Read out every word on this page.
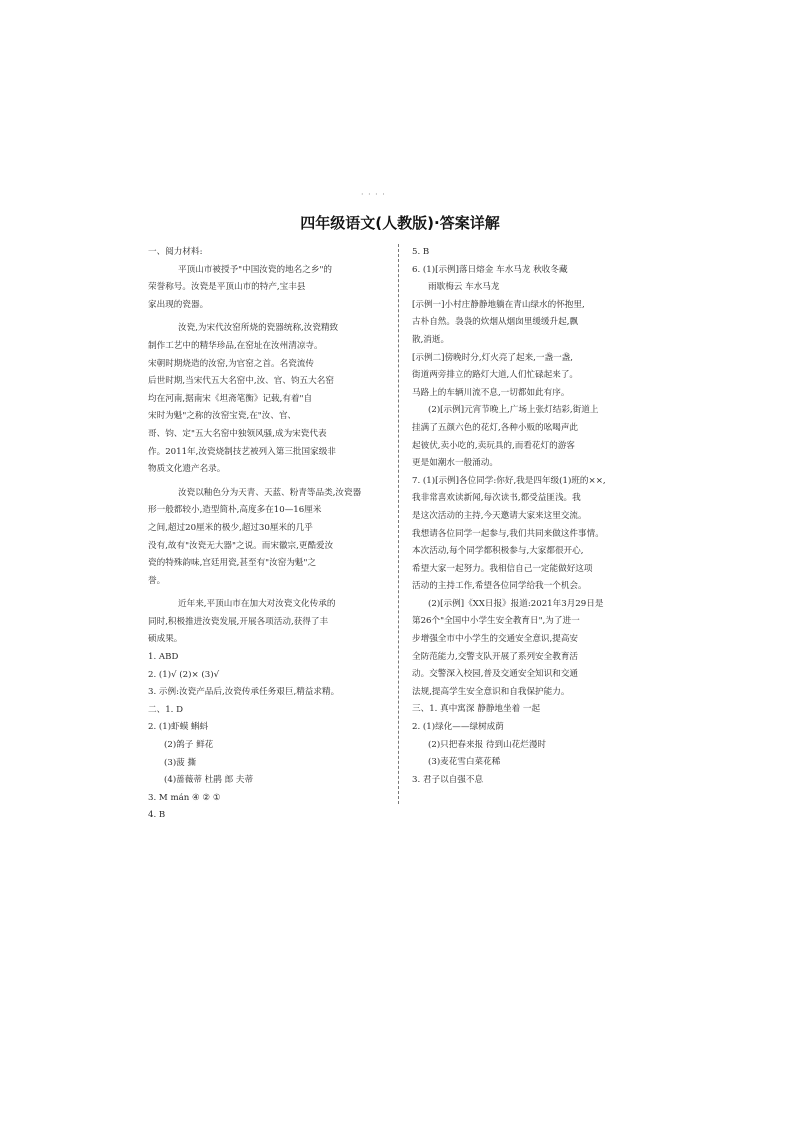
· · · ·
四年级语文(人教版)·答案详解
一、阅力材料:
平顶山市被授予"中国汝瓷的地名之乡"的
荣誉称号。汝瓷是平顶山市的特产,宝丰县
家出现的瓷器。
汝瓷,为宋代汝窑所烧的瓷器统称,汝瓷精致
制作工艺中的精华珍品,在窑址在汝州清凉寺。
宋朝时期烧造的汝窑,为官窑之首。名瓷流传
后世时期,当宋代五大名窑中,汝、官、钧五大名窑
均在河南,据南宋《坦斋笔衡》记载,有着"自
宋时为魁"之称的汝窑宝瓷,在"汝、官、
哥、钧、定"五大名窑中独领风骚,成为宋瓷代表
作。2011年,汝瓷烧制技艺被列入第三批国家级非
物质文化遗产名录。
汝瓷以釉色分为天青、天蓝、粉青等品类,汝瓷器
形一般都较小,造型简朴,高度多在10—16厘米
之间,超过20厘米的极少,超过30厘米的几乎
没有,故有"汝瓷无大器"之说。而宋徽宗,更酷爱汝
瓷的特殊韵味,宫廷用瓷,甚至有"汝窑为魁"之
誉。
近年来,平顶山市在加大对汝瓷文化传承的
同时,积极推进汝瓷发展,开展各项活动,获得了丰
硕成果。
1. ABD
2. (1)√ (2)× (3)√
3. 示例:汝瓷产品后,汝瓷传承任务艰巨,精益求精。
二、1. D
2. (1)虾蟆 蝌蚪
(2)鸽子 鲜花
(3)菠 撕
(4)蔷薇蒂 杜鹃 郎 夫蒂
3. M mán ④ ② ①
4. B
5. B
6. (1)[示例]落日熔金 车水马龙 秋收冬藏
雨歇梅云 车水马龙
[示例一]小村庄静静地躺在青山绿水的怀抱里,
古朴自然。袅袅的炊烟从烟囱里缓缓升起,飘
散,消逝。
[示例二]傍晚时分,灯火亮了起来,一盏一盏,
街道两旁排立的路灯大道,人们忙碌起来了。
马路上的车辆川流不息,一切都如此有序。
(2)[示例]元宵节晚上,广场上张灯结彩,街道上
挂满了五颜六色的花灯,各种小贩的吆喝声此
起彼伏,卖小吃的,卖玩具的,而看花灯的游客
更是如潮水一般涌动。
7. (1)[示例]各位同学:你好,我是四年级(1)班的××,
我非常喜欢读新闻,每次读书,都受益匪浅。我
是这次活动的主持,今天邀请大家来这里交流。
我想请各位同学一起参与,我们共同来做这件事情。
本次活动,每个同学都积极参与,大家都很开心,
希望大家一起努力。我相信自己一定能做好这项
活动的主持工作,希望各位同学给我一个机会。
(2)[示例]《XX日报》报道:2021年3月29日是
第26个"全国中小学生安全教育日",为了进一
步增强全市中小学生的交通安全意识,提高安
全防范能力,交警支队开展了系列安全教育活
动。交警深入校园,普及交通安全知识和交通
法规,提高学生安全意识和自我保护能力。
三、1. 真中寓深 静静地坐着 一起
2. (1)绿化——绿树成荫
(2)只把春来报 待到山花烂漫时
(3)麦花雪白菜花稀
3. 君子以自强不息
